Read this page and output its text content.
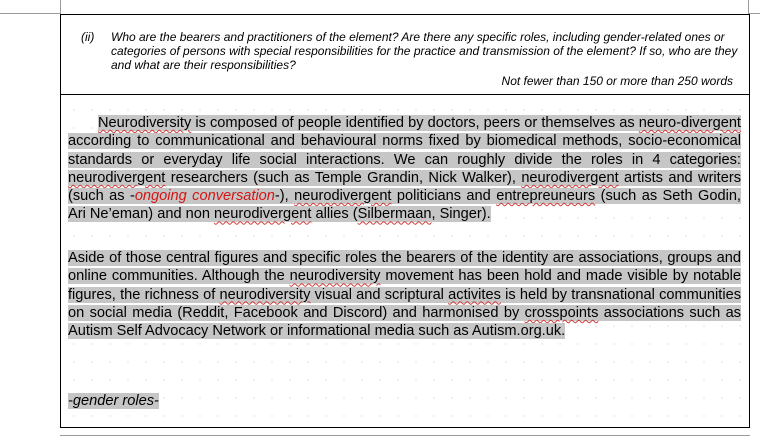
(ii) Who are the bearers and practitioners of the element? Are there any specific roles, including gender-related ones or categories of persons with special responsibilities for the practice and transmission of the element? If so, who are they and what are their responsibilities?
Not fewer than 150 or more than 250 words
Neurodiversity is composed of people identified by doctors, peers or themselves as neuro-divergent according to communicational and behavioural norms fixed by biomedical methods, socio-economical standards or everyday life social interactions. We can roughly divide the roles in 4 categories: neurodivergent researchers (such as Temple Grandin, Nick Walker), neurodivergent artists and writers (such as -ongoing conversation-), neurodivergent politicians and entrepreuneurs (such as Seth Godin, Ari Ne’eman) and non neurodivergent allies (Silbermaan, Singer).
Aside of those central figures and specific roles the bearers of the identity are associations, groups and online communities. Although the neurodiversity movement has been hold and made visible by notable figures, the richness of neurodiversity visual and scriptural activites is held by transnational communities on social media (Reddit, Facebook and Discord) and harmonised by crosspoints associations such as Autism Self Advocacy Network or informational media such as Autism.org.uk.
-gender roles-
